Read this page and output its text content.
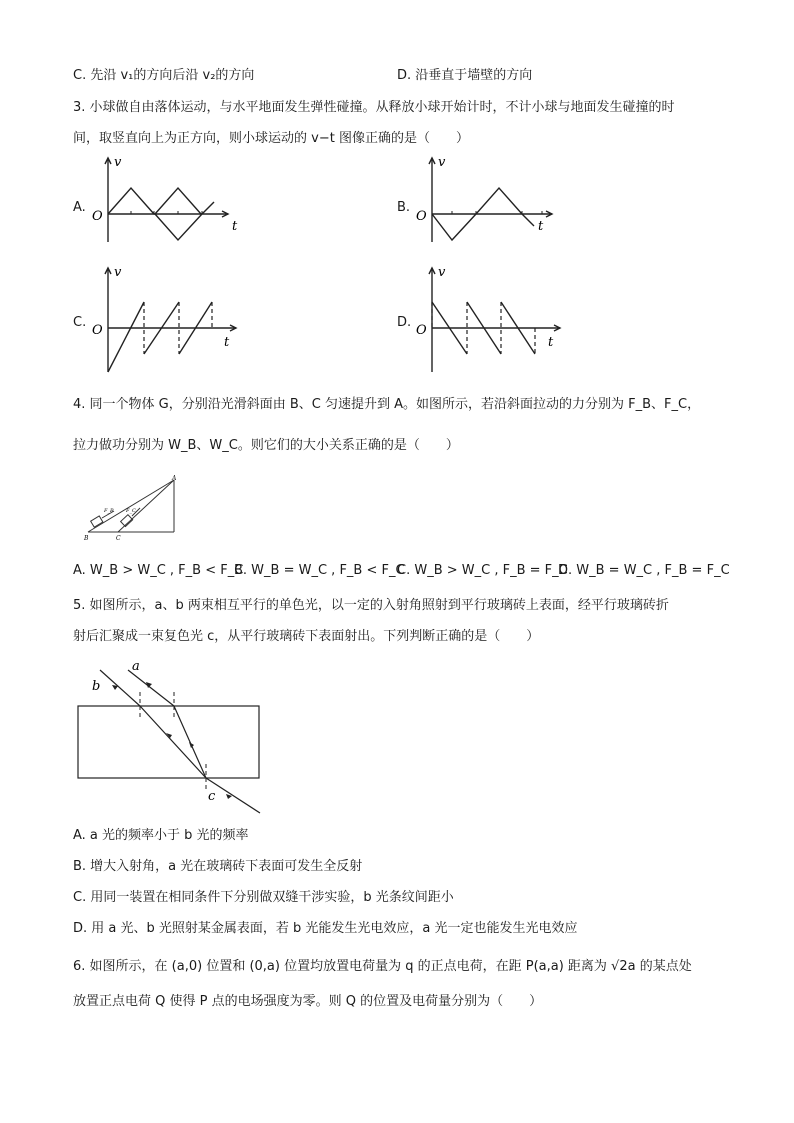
C. 先沿 v₁的方向后沿 v₂的方向	D. 沿垂直于墙壁的方向
3. 小球做自由落体运动，与水平地面发生弹性碰撞。从释放小球开始计时，不计小球与地面发生碰撞的时
间，取竖直向上为正方向，则小球运动的 v−t 图像正确的是（　　）
A.	B.
C.	D.
v
O
t
v
O
t
v
O
t
v
O
t
4. 同一个物体 G，分别沿光滑斜面由 B、C 匀速提升到 A。如图所示，若沿斜面拉动的力分别为 F_B、F_C，
拉力做功分别为 W_B、W_C。则它们的大小关系正确的是（　　）
A
B	C
F_B F_C
A. W_B > W_C , F_B < F_C
B. W_B = W_C , F_B < F_C
C. W_B > W_C , F_B = F_C
D. W_B = W_C , F_B = F_C
5. 如图所示，a、b 两束相互平行的单色光，以一定的入射角照射到平行玻璃砖上表面，经平行玻璃砖折
射后汇聚成一束复色光 c，从平行玻璃砖下表面射出。下列判断正确的是（　　）
a
b
c
A. a 光的频率小于 b 光的频率
B. 增大入射角，a 光在玻璃砖下表面可发生全反射
C. 用同一装置在相同条件下分别做双缝干涉实验，b 光条纹间距小
D. 用 a 光、b 光照射某金属表面，若 b 光能发生光电效应，a 光一定也能发生光电效应
6. 如图所示，在 (a,0) 位置和 (0,a) 位置均放置电荷量为 q 的正点电荷，在距 P(a,a) 距离为 √2a 的某点处
放置正点电荷 Q 使得 P 点的电场强度为零。则 Q 的位置及电荷量分别为（　　）
